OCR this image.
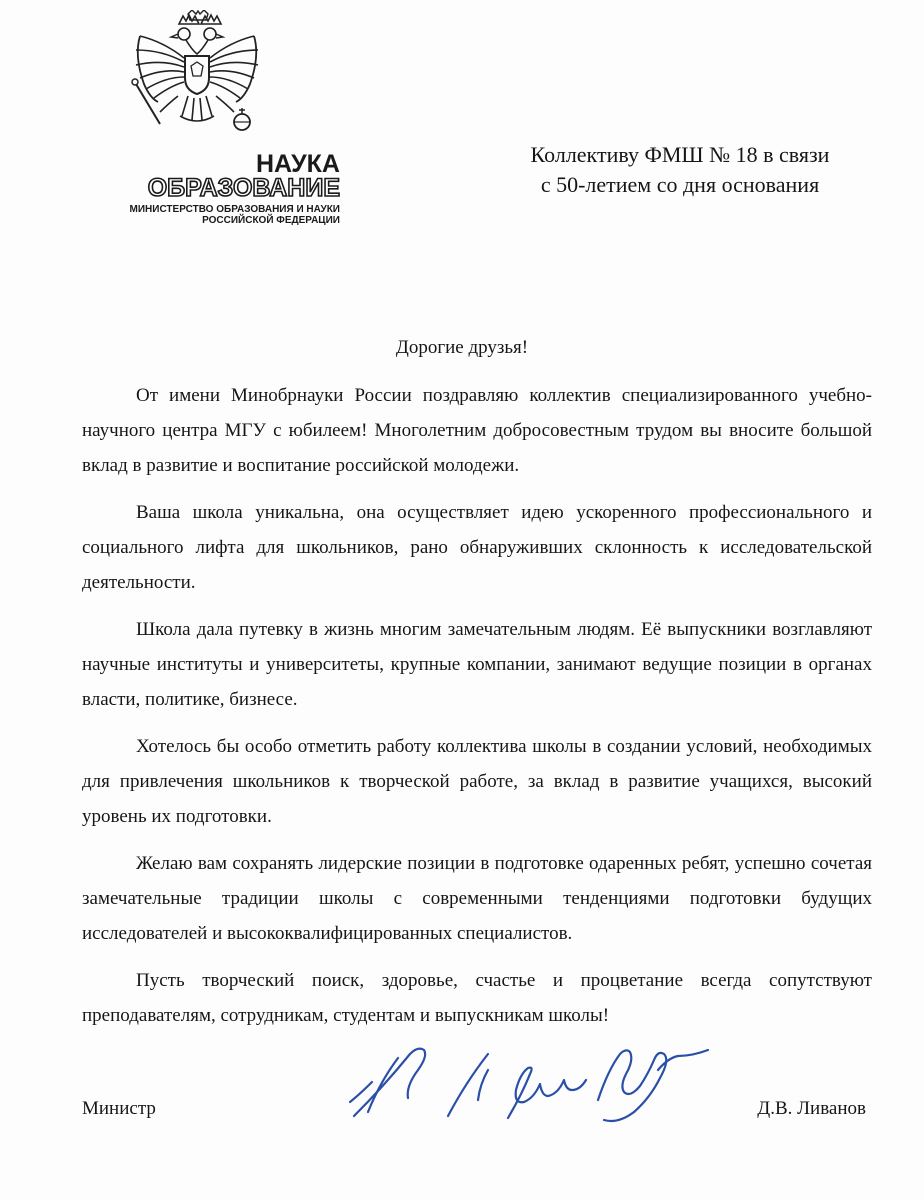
НАУКА
ОБРАЗОВАНИЕ
МИНИСТЕРСТВО ОБРАЗОВАНИЯ И НАУКИ
РОССИЙСКОЙ ФЕДЕРАЦИИ
Коллективу ФМШ № 18 в связи
с 50-летием со дня основания
Дорогие друзья!

От имени Минобрнауки России поздравляю коллектив специализированного учебно-научного центра МГУ с юбилеем! Многолетним добросовестным трудом вы вносите большой вклад в развитие и воспитание российской молодежи.

Ваша школа уникальна, она осуществляет идею ускоренного профессионального и социального лифта для школьников, рано обнаруживших склонность к исследовательской деятельности.

Школа дала путевку в жизнь многим замечательным людям. Её выпускники возглавляют научные институты и университеты, крупные компании, занимают ведущие позиции в органах власти, политике, бизнесе.

Хотелось бы особо отметить работу коллектива школы в создании условий, необходимых для привлечения школьников к творческой работе, за вклад в развитие учащихся, высокий уровень их подготовки.

Желаю вам сохранять лидерские позиции в подготовке одаренных ребят, успешно сочетая замечательные традиции школы с современными тенденциями подготовки будущих исследователей и высококвалифицированных специалистов.

Пусть творческий поиск, здоровье, счастье и процветание всегда сопутствуют преподавателям, сотрудникам, студентам и выпускникам школы!

Министр	Д.В. Ливанов
